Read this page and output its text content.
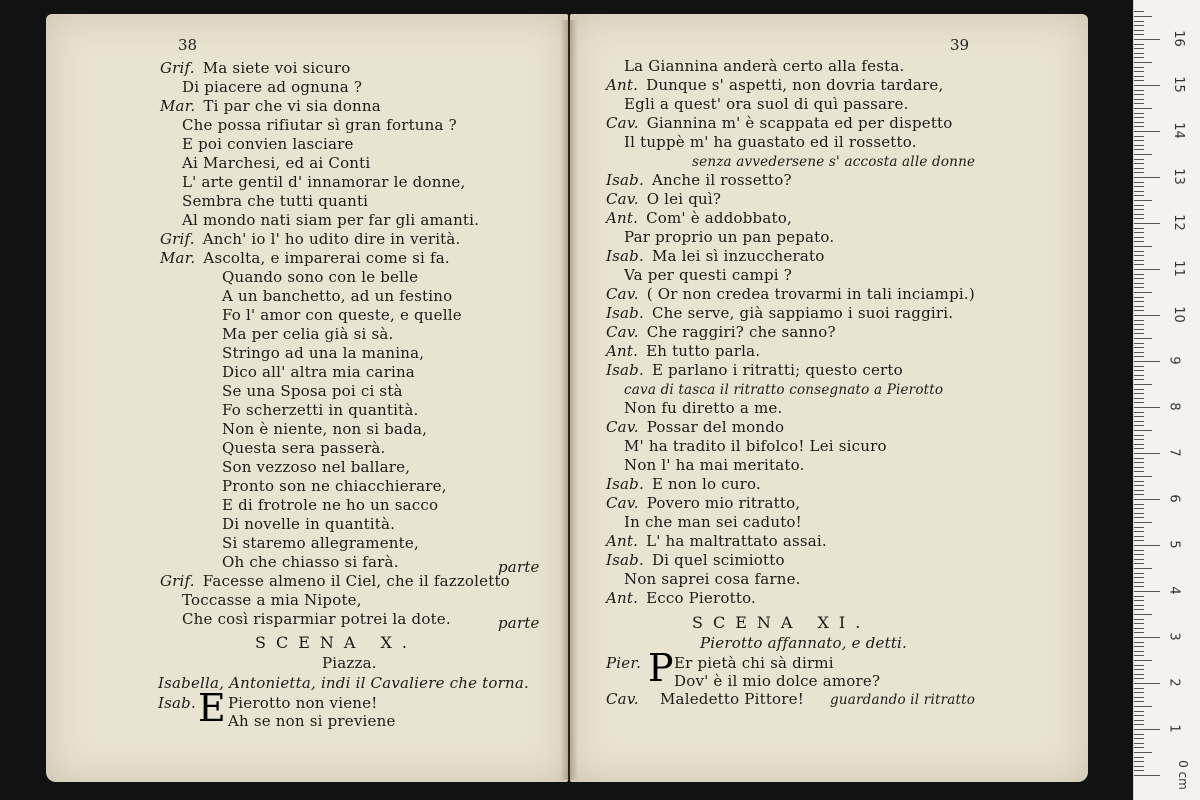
38	39
Grif. Ma siete voi sicuro
Di piacere ad ognuna ?
Mar. Ti par che vi sia donna
Che possa rifiutar sì gran fortuna ?
E poi convien lasciare
Ai Marchesi, ed ai Conti
L' arte gentil d' innamorar le donne,
Sembra che tutti quanti
Al mondo nati siam per far gli amanti.
Grif. Anch' io l' ho udito dire in verità.
Mar. Ascolta, e imparerai come si fa.
Quando sono con le belle
A un banchetto, ad un festino
Fo l' amor con queste, e quelle
Ma per celia già si sà.
Stringo ad una la manina,
Dico all' altra mia carina
Se una Sposa poi ci stà
Fo scherzetti in quantità.
Non è niente, non si bada,
Questa sera passerà.
Son vezzoso nel ballare,
Pronto son ne chiacchierare,
E di frotrole ne ho un sacco
Di novelle in quantità.
Si staremo allegramente,
Oh che chiasso si farà.
Grif. Facesse almeno il Ciel, che il fazzoletto
Toccasse a mia Nipote,
Che così risparmiar potrei la dote.
parte
parte
SCENA X.
Piazza.
Isabella, Antonietta, indi il Cavaliere che torna.
Isab. E Pierotto non viene!
Ah se non si previene
La Giannina anderà certo alla festa.
Ant. Dunque s' aspetti, non dovria tardare,
Egli a quest' ora suol di quì passare.
Cav. Giannina m' è scappata ed per dispetto
Il tuppè m' ha guastato ed il rossetto.
senza avvedersene s' accosta alle donne
Isab. Anche il rossetto?
Cav. O lei quì?
Ant. Com' è addobbato,
Par proprio un pan pepato.
Isab. Ma lei sì inzuccherato
Va per questi campi ?
Cav. ( Or non credea trovarmi in tali inciampi.)
Isab. Che serve, già sappiamo i suoi raggiri.
Cav. Che raggiri? che sanno?
Ant. Eh tutto parla.
Isab. E parlano i ritratti; questo certo
cava di tasca il ritratto consegnato a Pierotto
Non fu diretto a me.
Cav. Possar del mondo
M' ha tradito il bifolco! Lei sicuro
Non l' ha mai meritato.
Isab. E non lo curo.
Cav. Povero mio ritratto,
In che man sei caduto!
Ant. L' ha maltrattato assai.
Isab. Di quel scimiotto
Non saprei cosa farne.
Ant. Ecco Pierotto.
SCENA XI.
Pierotto affannato, e detti.
Pier. P Er pietà chi sà dirmi
Dov' è il mio dolce amore?
Cav. Maledetto Pittore! guardando il ritratto
16
15
14
13
12
11
10
9
8
7
6
5
4
3
2
1
0 cm
